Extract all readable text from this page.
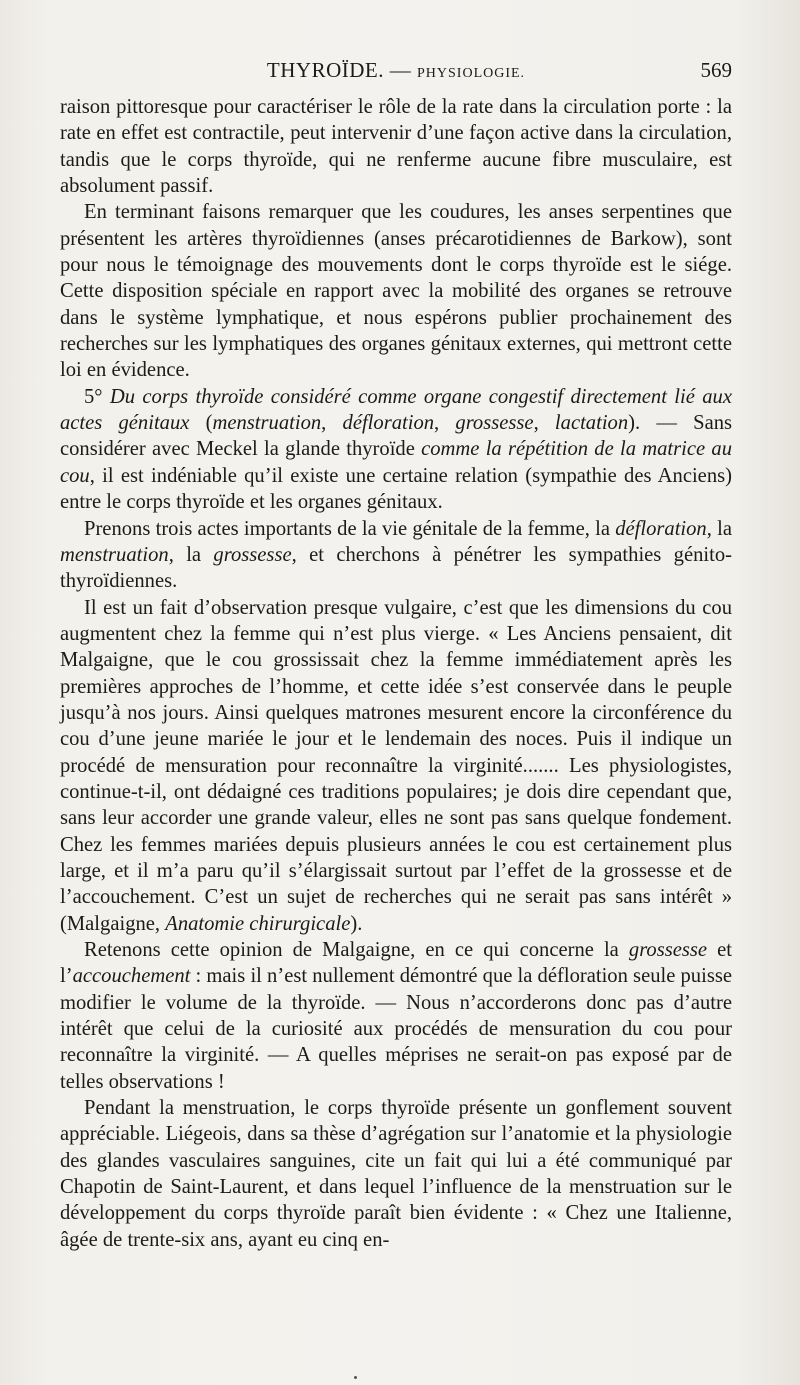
THYROÏDE. — PHYSIOLOGIE.	569

raison pittoresque pour caractériser le rôle de la rate dans la circulation porte : la rate en effet est contractile, peut intervenir d’une façon active dans la circulation, tandis que le corps thyroïde, qui ne renferme aucune fibre musculaire, est absolument passif.

En terminant faisons remarquer que les coudures, les anses serpentines que présentent les artères thyroïdiennes (anses précarotidiennes de Barkow), sont pour nous le témoignage des mouvements dont le corps thyroïde est le siége. Cette disposition spéciale en rapport avec la mobilité des organes se retrouve dans le système lymphatique, et nous espérons publier prochainement des recherches sur les lymphatiques des organes génitaux externes, qui mettront cette loi en évidence.

5° Du corps thyroïde considéré comme organe congestif directement lié aux actes génitaux (menstruation, défloration, grossesse, lactation). — Sans considérer avec Meckel la glande thyroïde comme la répétition de la matrice au cou, il est indéniable qu’il existe une certaine relation (sympathie des Anciens) entre le corps thyroïde et les organes génitaux.

Prenons trois actes importants de la vie génitale de la femme, la défloration, la menstruation, la grossesse, et cherchons à pénétrer les sympathies génito-thyroïdiennes.

Il est un fait d’observation presque vulgaire, c’est que les dimensions du cou augmentent chez la femme qui n’est plus vierge. « Les Anciens pensaient, dit Malgaigne, que le cou grossissait chez la femme immédiatement après les premières approches de l’homme, et cette idée s’est conservée dans le peuple jusqu’à nos jours. Ainsi quelques matrones mesurent encore la circonférence du cou d’une jeune mariée le jour et le lendemain des noces. Puis il indique un procédé de mensuration pour reconnaître la virginité....... Les physiologistes, continue-t-il, ont dédaigné ces traditions populaires; je dois dire cependant que, sans leur accorder une grande valeur, elles ne sont pas sans quelque fondement. Chez les femmes mariées depuis plusieurs années le cou est certainement plus large, et il m’a paru qu’il s’élargissait surtout par l’effet de la grossesse et de l’accouchement. C’est un sujet de recherches qui ne serait pas sans intérêt » (Malgaigne, Anatomie chirurgicale).

Retenons cette opinion de Malgaigne, en ce qui concerne la grossesse et l’accouchement : mais il n’est nullement démontré que la défloration seule puisse modifier le volume de la thyroïde. — Nous n’accorderons donc pas d’autre intérêt que celui de la curiosité aux procédés de mensuration du cou pour reconnaître la virginité. — A quelles méprises ne serait-on pas exposé par de telles observations !

Pendant la menstruation, le corps thyroïde présente un gonflement souvent appréciable. Liégeois, dans sa thèse d’agrégation sur l’anatomie et la physiologie des glandes vasculaires sanguines, cite un fait qui lui a été communiqué par Chapotin de Saint-Laurent, et dans lequel l’influence de la menstruation sur le développement du corps thyroïde paraît bien évidente : « Chez une Italienne, âgée de trente-six ans, ayant eu cinq en-
